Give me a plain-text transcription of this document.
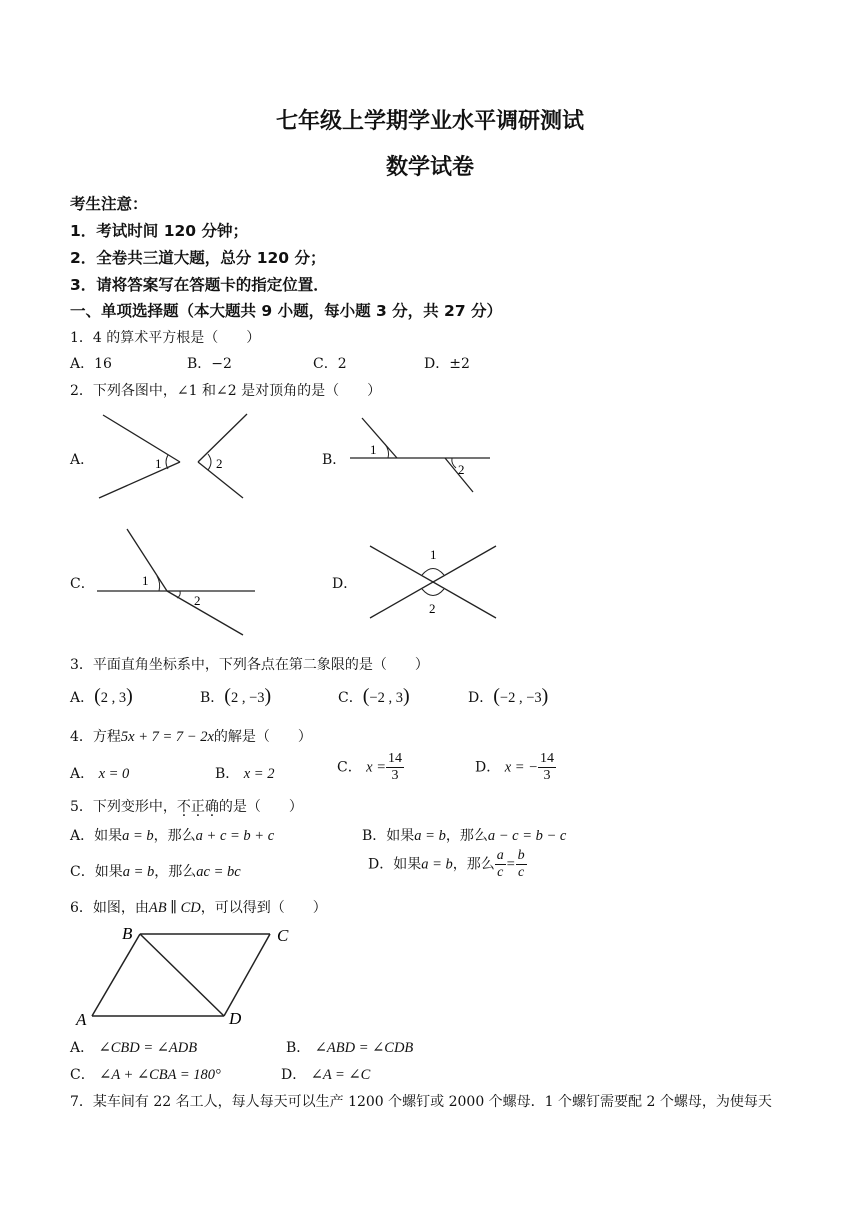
七年级上学期学业水平调研测试
数学试卷
考生注意：
1．考试时间 120 分钟；
2．全卷共三道大题，总分 120 分；
3．请将答案写在答题卡的指定位置．
一、单项选择题（本大题共 9 小题，每小题 3 分，共 27 分）
1．4 的算术平方根是（　　）
A．16	B．−2	C．2	D．±2
2．下列各图中，∠1 和∠2 是对顶角的是（　　）
A．	1	2	B．
1
2
C．	1
2
D．
1
2
3．平面直角坐标系中，下列各点在第二象限的是（　　）
A．(2 , 3)	B．(2 , −3)	C．(−2 , 3)	D．(−2 , −3)
4．方程5x + 7 = 7 − 2x的解是（　　）
A． x = 0	B． x = 2	C． $x = \frac{14}{3}$	D． x = − $\frac{14}{3}$
5．下列变形中，不正确的是（　　）
A．如果a = b，那么a + c = b + c	B．如果a = b，那么a − c = b − c
C．如果a = b，那么ac = bc	D．如果a = b，那么 $\frac{a}{c} = \frac{b}{c}$
6．如图，由AB ∥ CD，可以得到（　　）
B	C
A	D
A． ∠CBD = ∠ADB	B． ∠ABD = ∠CDB
C． ∠A + ∠CBA = 180°	D． ∠A = ∠C
7．某车间有 22 名工人，每人每天可以生产 1200 个螺钉或 2000 个螺母．1 个螺钉需要配 2 个螺母，为使每天
